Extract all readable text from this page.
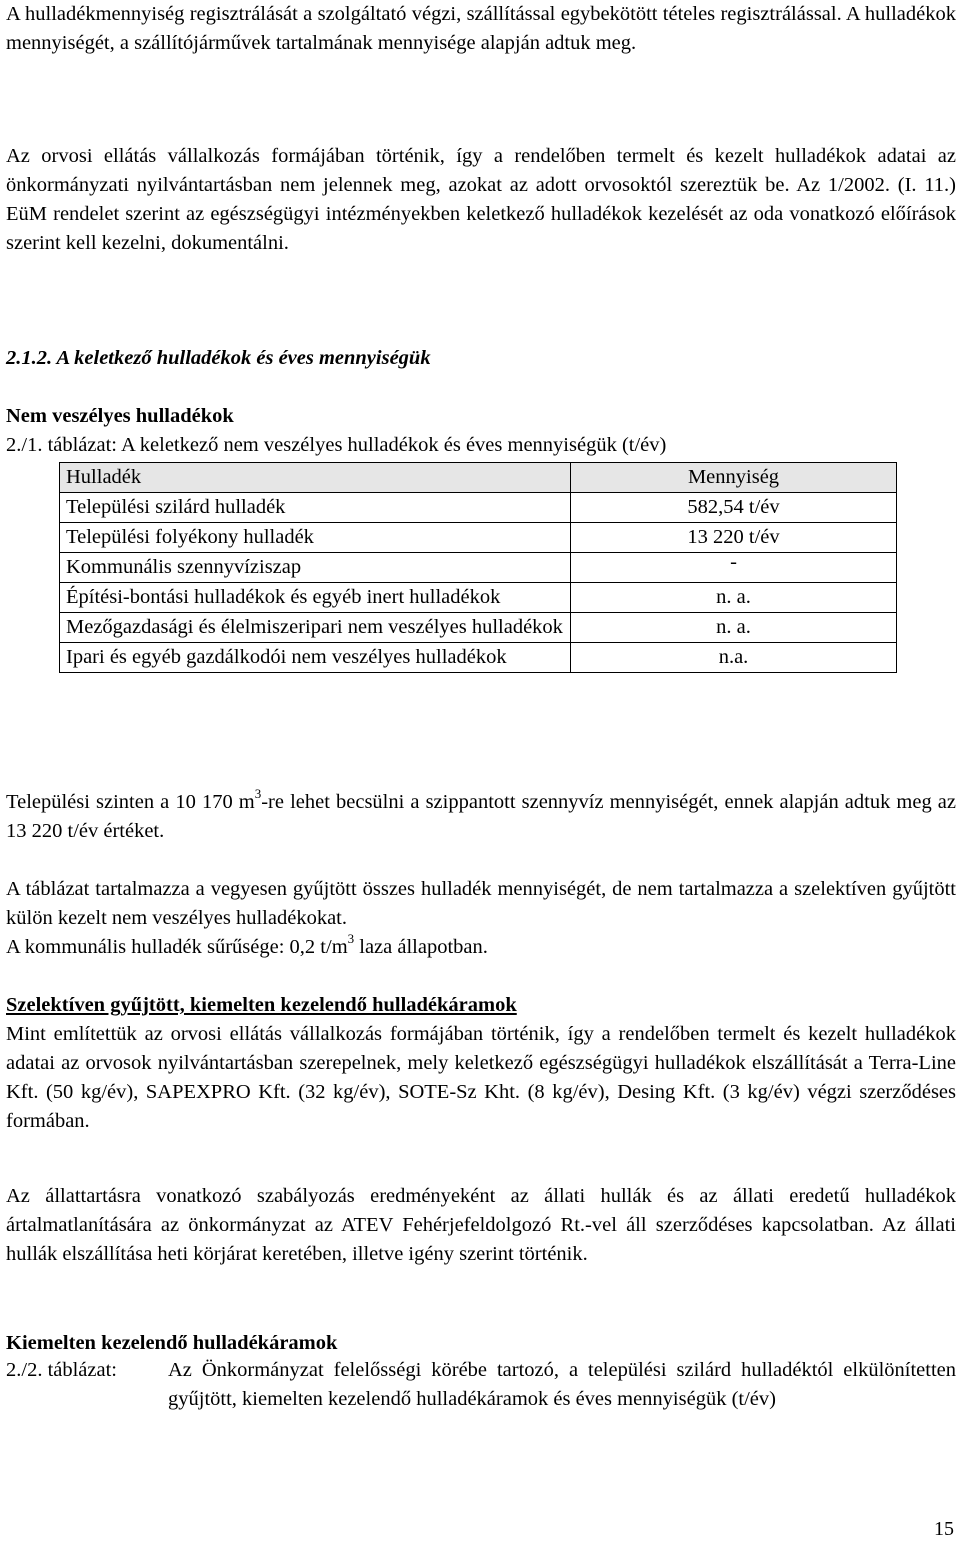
A hulladékmennyiség regisztrálását a szolgáltató végzi, szállítással egybekötött tételes regisztrálással. A hulladékok mennyiségét, a szállítójárművek tartalmának mennyisége alapján adtuk meg.

Az orvosi ellátás vállalkozás formájában történik, így a rendelőben termelt és kezelt hulladékok adatai az önkormányzati nyilvántartásban nem jelennek meg, azokat az adott orvosoktól szereztük be. Az 1/2002. (I. 11.) EüM rendelet szerint az egészségügyi intézményekben keletkező hulladékok kezelését az oda vonatkozó előírások szerint kell kezelni, dokumentálni.

2.1.2. A keletkező hulladékok és éves mennyiségük

Nem veszélyes hulladékok

2./1. táblázat: A keletkező nem veszélyes hulladékok és éves mennyiségük (t/év)

Hulladék	Mennyiség
Települési szilárd hulladék	582,54 t/év
Települési folyékony hulladék	13 220 t/év
Kommunális szennyvíziszap	-
Építési-bontási hulladékok és egyéb inert hulladékok	n. a.
Mezőgazdasági és élelmiszeripari nem veszélyes hulladékok	n. a.
Ipari és egyéb gazdálkodói nem veszélyes hulladékok	n.a.

Települési szinten a 10 170 $m^3-re$ lehet becsülni a szippantott szennyvíz mennyiségét, ennek alapján adtuk meg az 13 220 t/év értéket.

A táblázat tartalmazza a vegyesen gyűjtött összes hulladék mennyiségét, de nem tartalmazza a szelektíven gyűjtött külön kezelt nem veszélyes hulladékokat.

A kommunális hulladék sűrűsége: 0,2 $t/m^3$ laza állapotban.

Szelektíven gyűjtött, kiemelten kezelendő hulladékáramok

Mint említettük az orvosi ellátás vállalkozás formájában történik, így a rendelőben termelt és kezelt hulladékok adatai az orvosok nyilvántartásban szerepelnek, mely keletkező egészségügyi hulladékok elszállítását a Terra-Line Kft. (50 kg/év), SAPEXPRO Kft. (32 kg/év), SOTE-Sz Kht. (8 kg/év), Desing Kft. (3 kg/év) végzi szerződéses formában.

Az állattartásra vonatkozó szabályozás eredményeként az állati hullák és az állati eredetű hulladékok ártalmatlanítására az önkormányzat az ATEV Fehérjefeldolgozó Rt.-vel áll szerződéses kapcsolatban. Az állati hullák elszállítása heti körjárat keretében, illetve igény szerint történik.

Kiemelten kezelendő hulladékáramok

2./2. táblázat: Az Önkormányzat felelősségi körébe tartozó, a települési szilárd hulladéktól elkülönítetten gyűjtött, kiemelten kezelendő hulladékáramok és éves mennyiségük (t/év)
15
